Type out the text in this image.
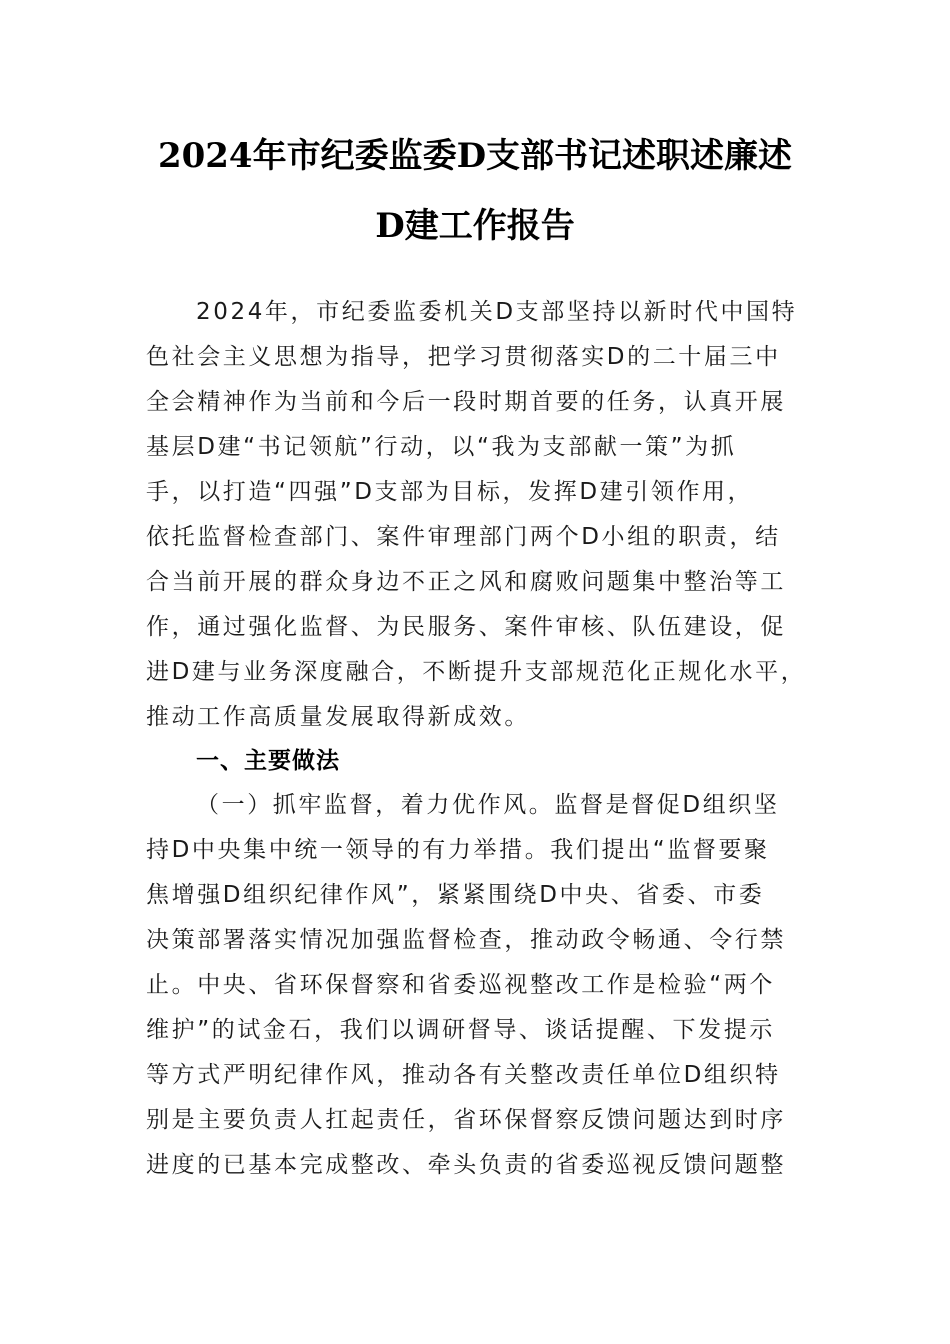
2024年市纪委监委D支部书记述职述廉述
D建工作报告
2024年，市纪委监委机关D支部坚持以新时代中国特
色社会主义思想为指导，把学习贯彻落实D的二十届三中
全会精神作为当前和今后一段时期首要的任务，认真开展
基层D建“书记领航”行动，以“我为支部献一策”为抓
手，以打造“四强”D支部为目标，发挥D建引领作用，
依托监督检查部门、案件审理部门两个D小组的职责，结
合当前开展的群众身边不正之风和腐败问题集中整治等工
作，通过强化监督、为民服务、案件审核、队伍建设，促
进D建与业务深度融合，不断提升支部规范化正规化水平，
推动工作高质量发展取得新成效。
一、主要做法
（一）抓牢监督，着力优作风。监督是督促D组织坚
持D中央集中统一领导的有力举措。我们提出“监督要聚
焦增强D组织纪律作风”，紧紧围绕D中央、省委、市委
决策部署落实情况加强监督检查，推动政令畅通、令行禁
止。中央、省环保督察和省委巡视整改工作是检验“两个
维护”的试金石，我们以调研督导、谈话提醒、下发提示
等方式严明纪律作风，推动各有关整改责任单位D组织特
别是主要负责人扛起责任，省环保督察反馈问题达到时序
进度的已基本完成整改、牵头负责的省委巡视反馈问题整
